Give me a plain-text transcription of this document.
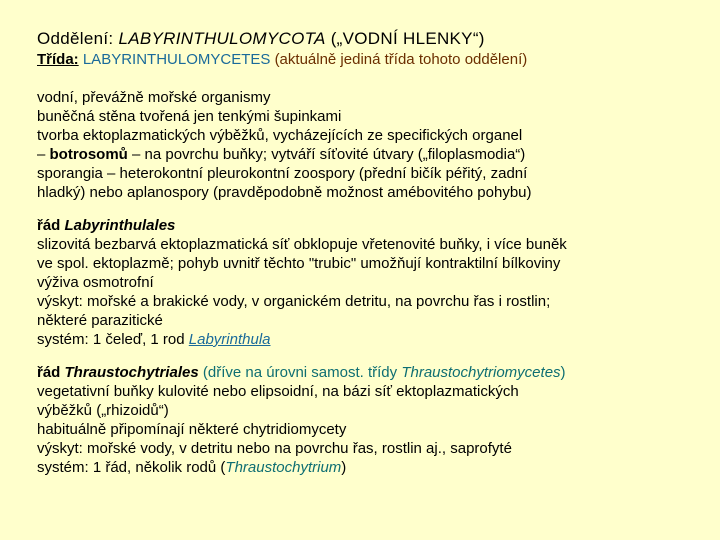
Oddělení: LABYRINTHULOMYCOTA („VODNÍ HLENKY“)

Třída: LABYRINTHULOMYCETES (aktuálně jediná třída tohoto oddělení)

vodní, převážně mořské organismy

buněčná stěna tvořená jen tenkými šupinkami

tvorba ektoplazmatických výběžků, vycházejících ze specifických organel

– botrosomů – na povrchu buňky; vytváří síťovité útvary („filoplasmodia“)

sporangia – heterokontní pleurokontní zoospory (přední bičík péřitý, zadní

hladký) nebo aplanospory (pravděpodobně možnost amébovitého pohybu)

řád Labyrinthulales

slizovitá bezbarvá ektoplazmatická síť obklopuje vřetenovité buňky, i více buněk

ve spol. ektoplazmě; pohyb uvnitř těchto "trubic" umožňují kontraktilní bílkoviny

výživa osmotrofní

výskyt: mořské a brakické vody, v organickém detritu, na povrchu řas i rostlin;

některé parazitické

systém: 1 čeleď, 1 rod Labyrinthula

řád Thraustochytriales (dříve na úrovni samost. třídy Thraustochytriomycetes)

vegetativní buňky kulovité nebo elipsoidní, na bázi síť ektoplazmatických

výběžků („rhizoidů“)

habituálně připomínají některé chytridiomycety

výskyt: mořské vody, v detritu nebo na povrchu řas, rostlin aj., saprofyté

systém: 1 řád, několik rodů (Thraustochytrium)
